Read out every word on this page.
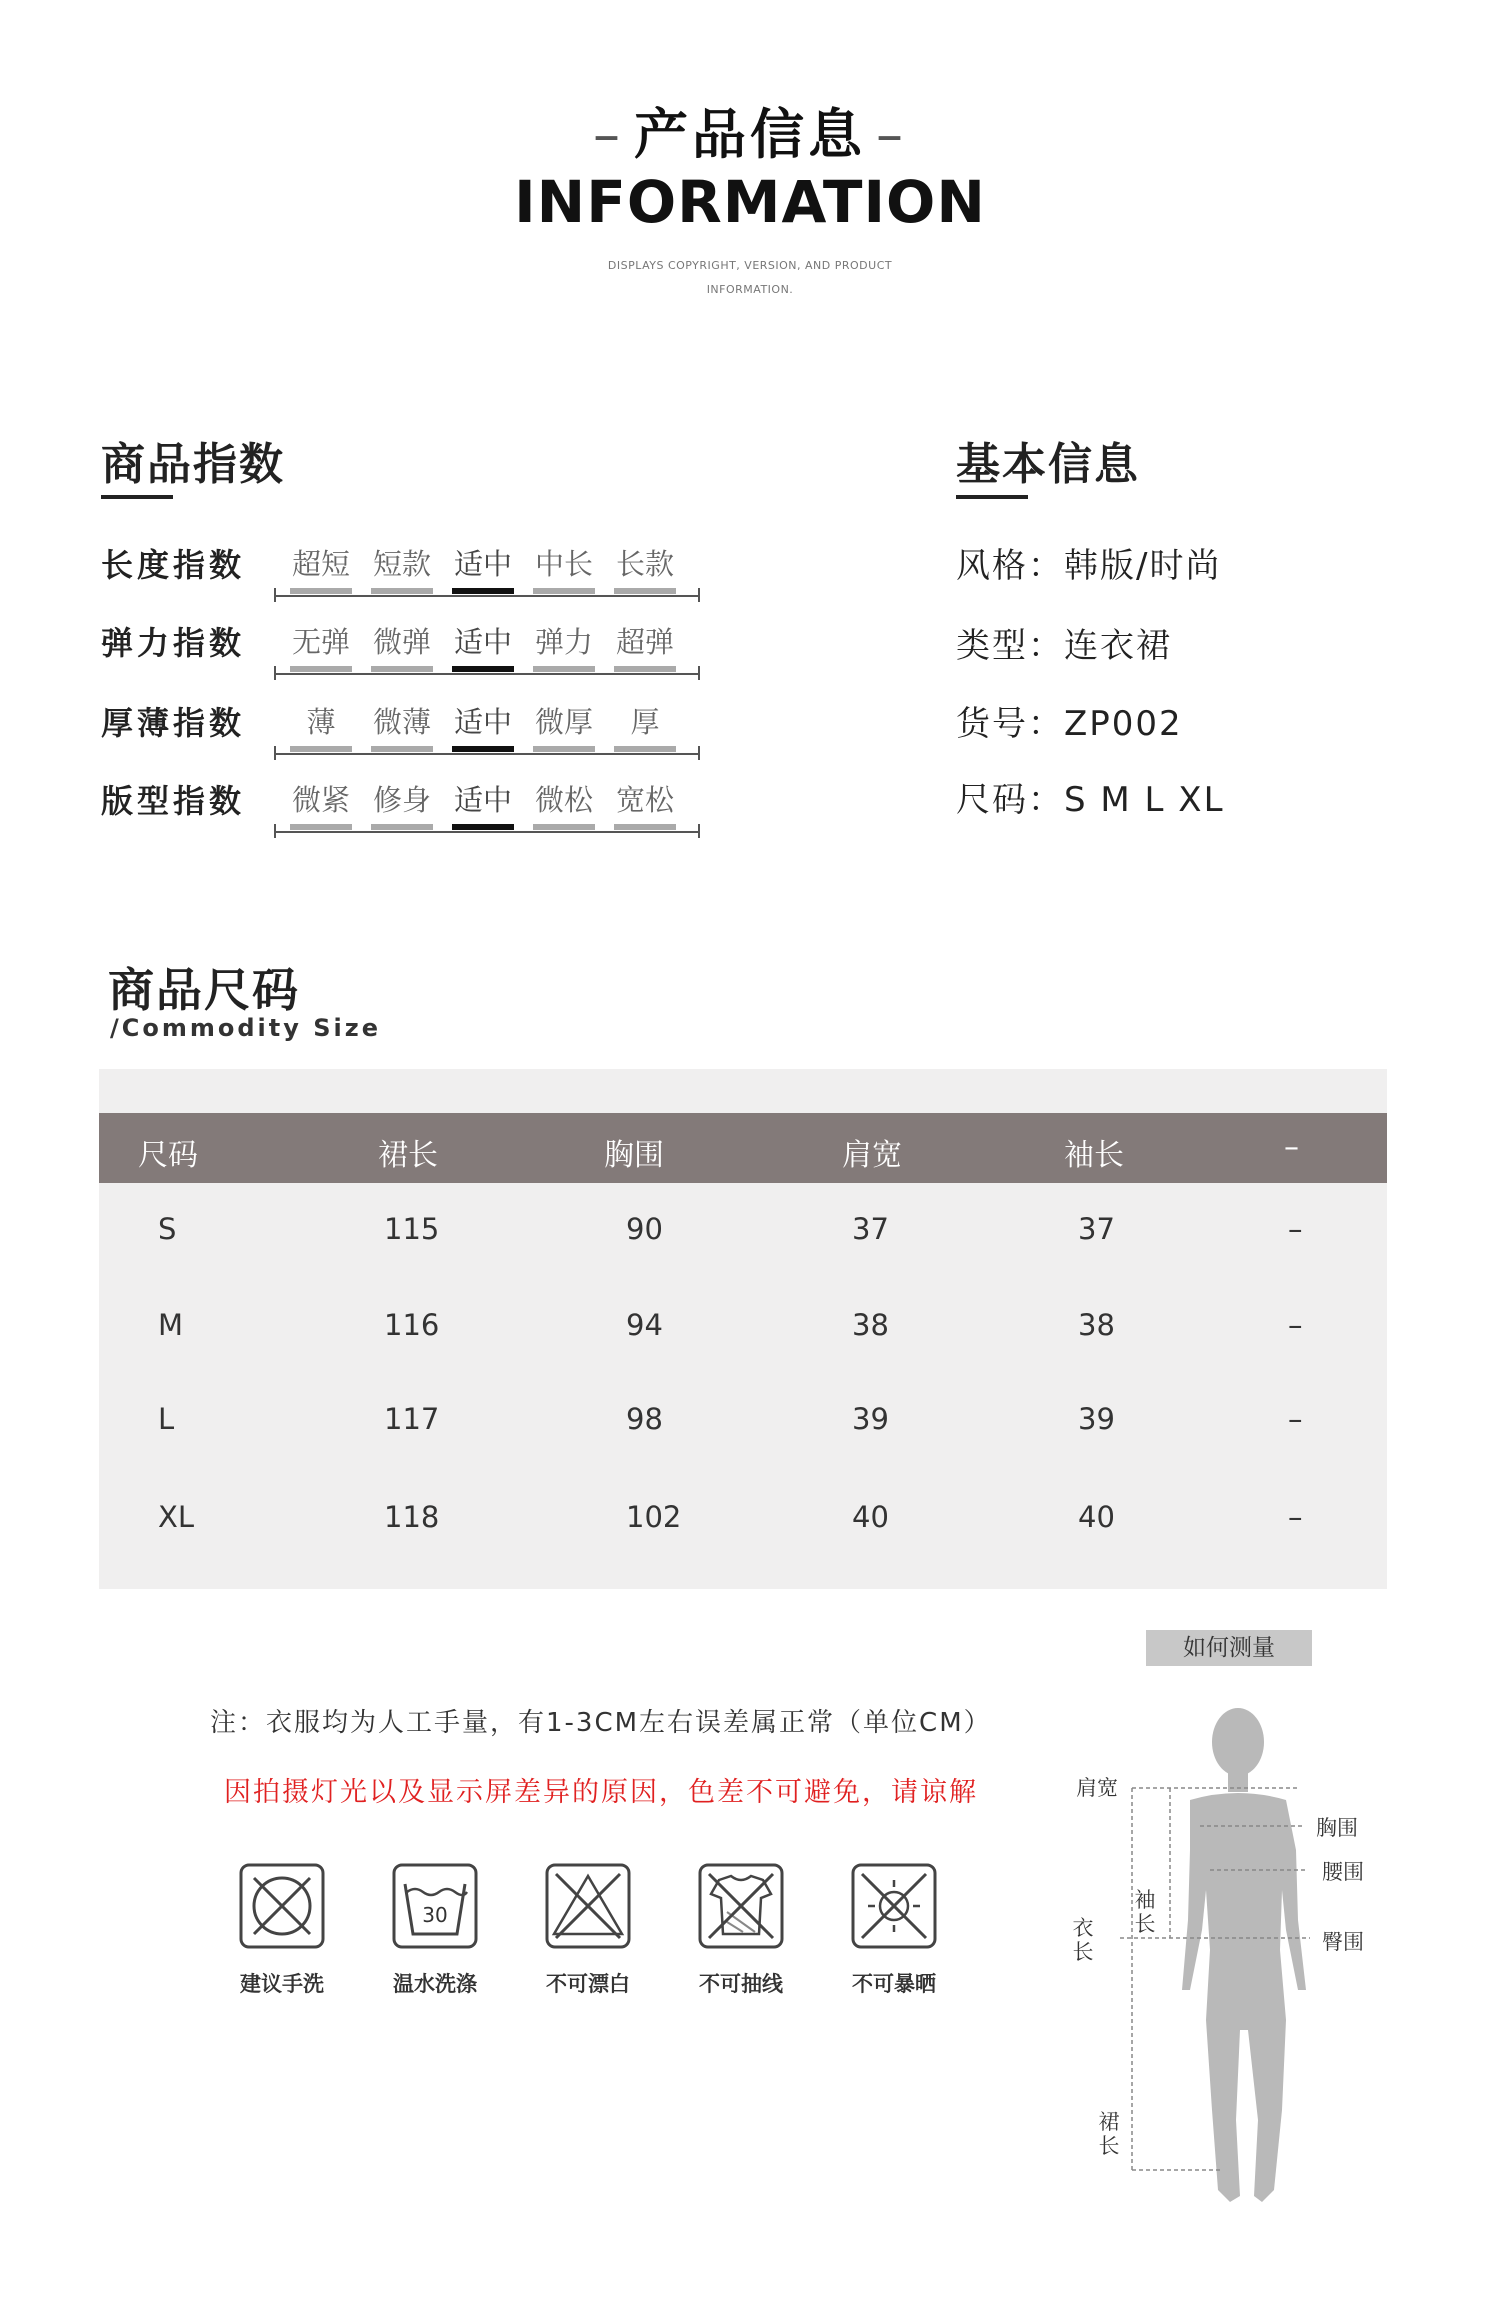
– 产品信息 –
INFORMATION
DISPLAYS COPYRIGHT, VERSION, AND PRODUCT
INFORMATION.
商品指数
长度指数 超短 短款 适中 中长 长款
弹力指数 无弹 微弹 适中 弹力 超弹
厚薄指数	薄	微薄 适中 微厚	厚
版型指数 微紧 修身 适中 微松 宽松
基本信息
风格：韩版/时尚
类型：连衣裙
货号：ZP002
尺码：S M L XL
商品尺码
/Commodity Size
尺码	裙长	胸围	肩宽	袖长	–
S	115	90	37	37	–
M	116	94	38	38	–
L	117	98	39	39	–
XL	118	102	40	40	–
注：衣服均为人工手量，有1-3CM左右误差属正常（单位CM）
因拍摄灯光以及显示屏差异的原因，色差不可避免，请谅解
30
建议手洗	温水洗涤	不可漂白	不可抽线	不可暴晒
如何测量
肩宽
胸围
腰围
臀围
袖长
衣长
裙长
